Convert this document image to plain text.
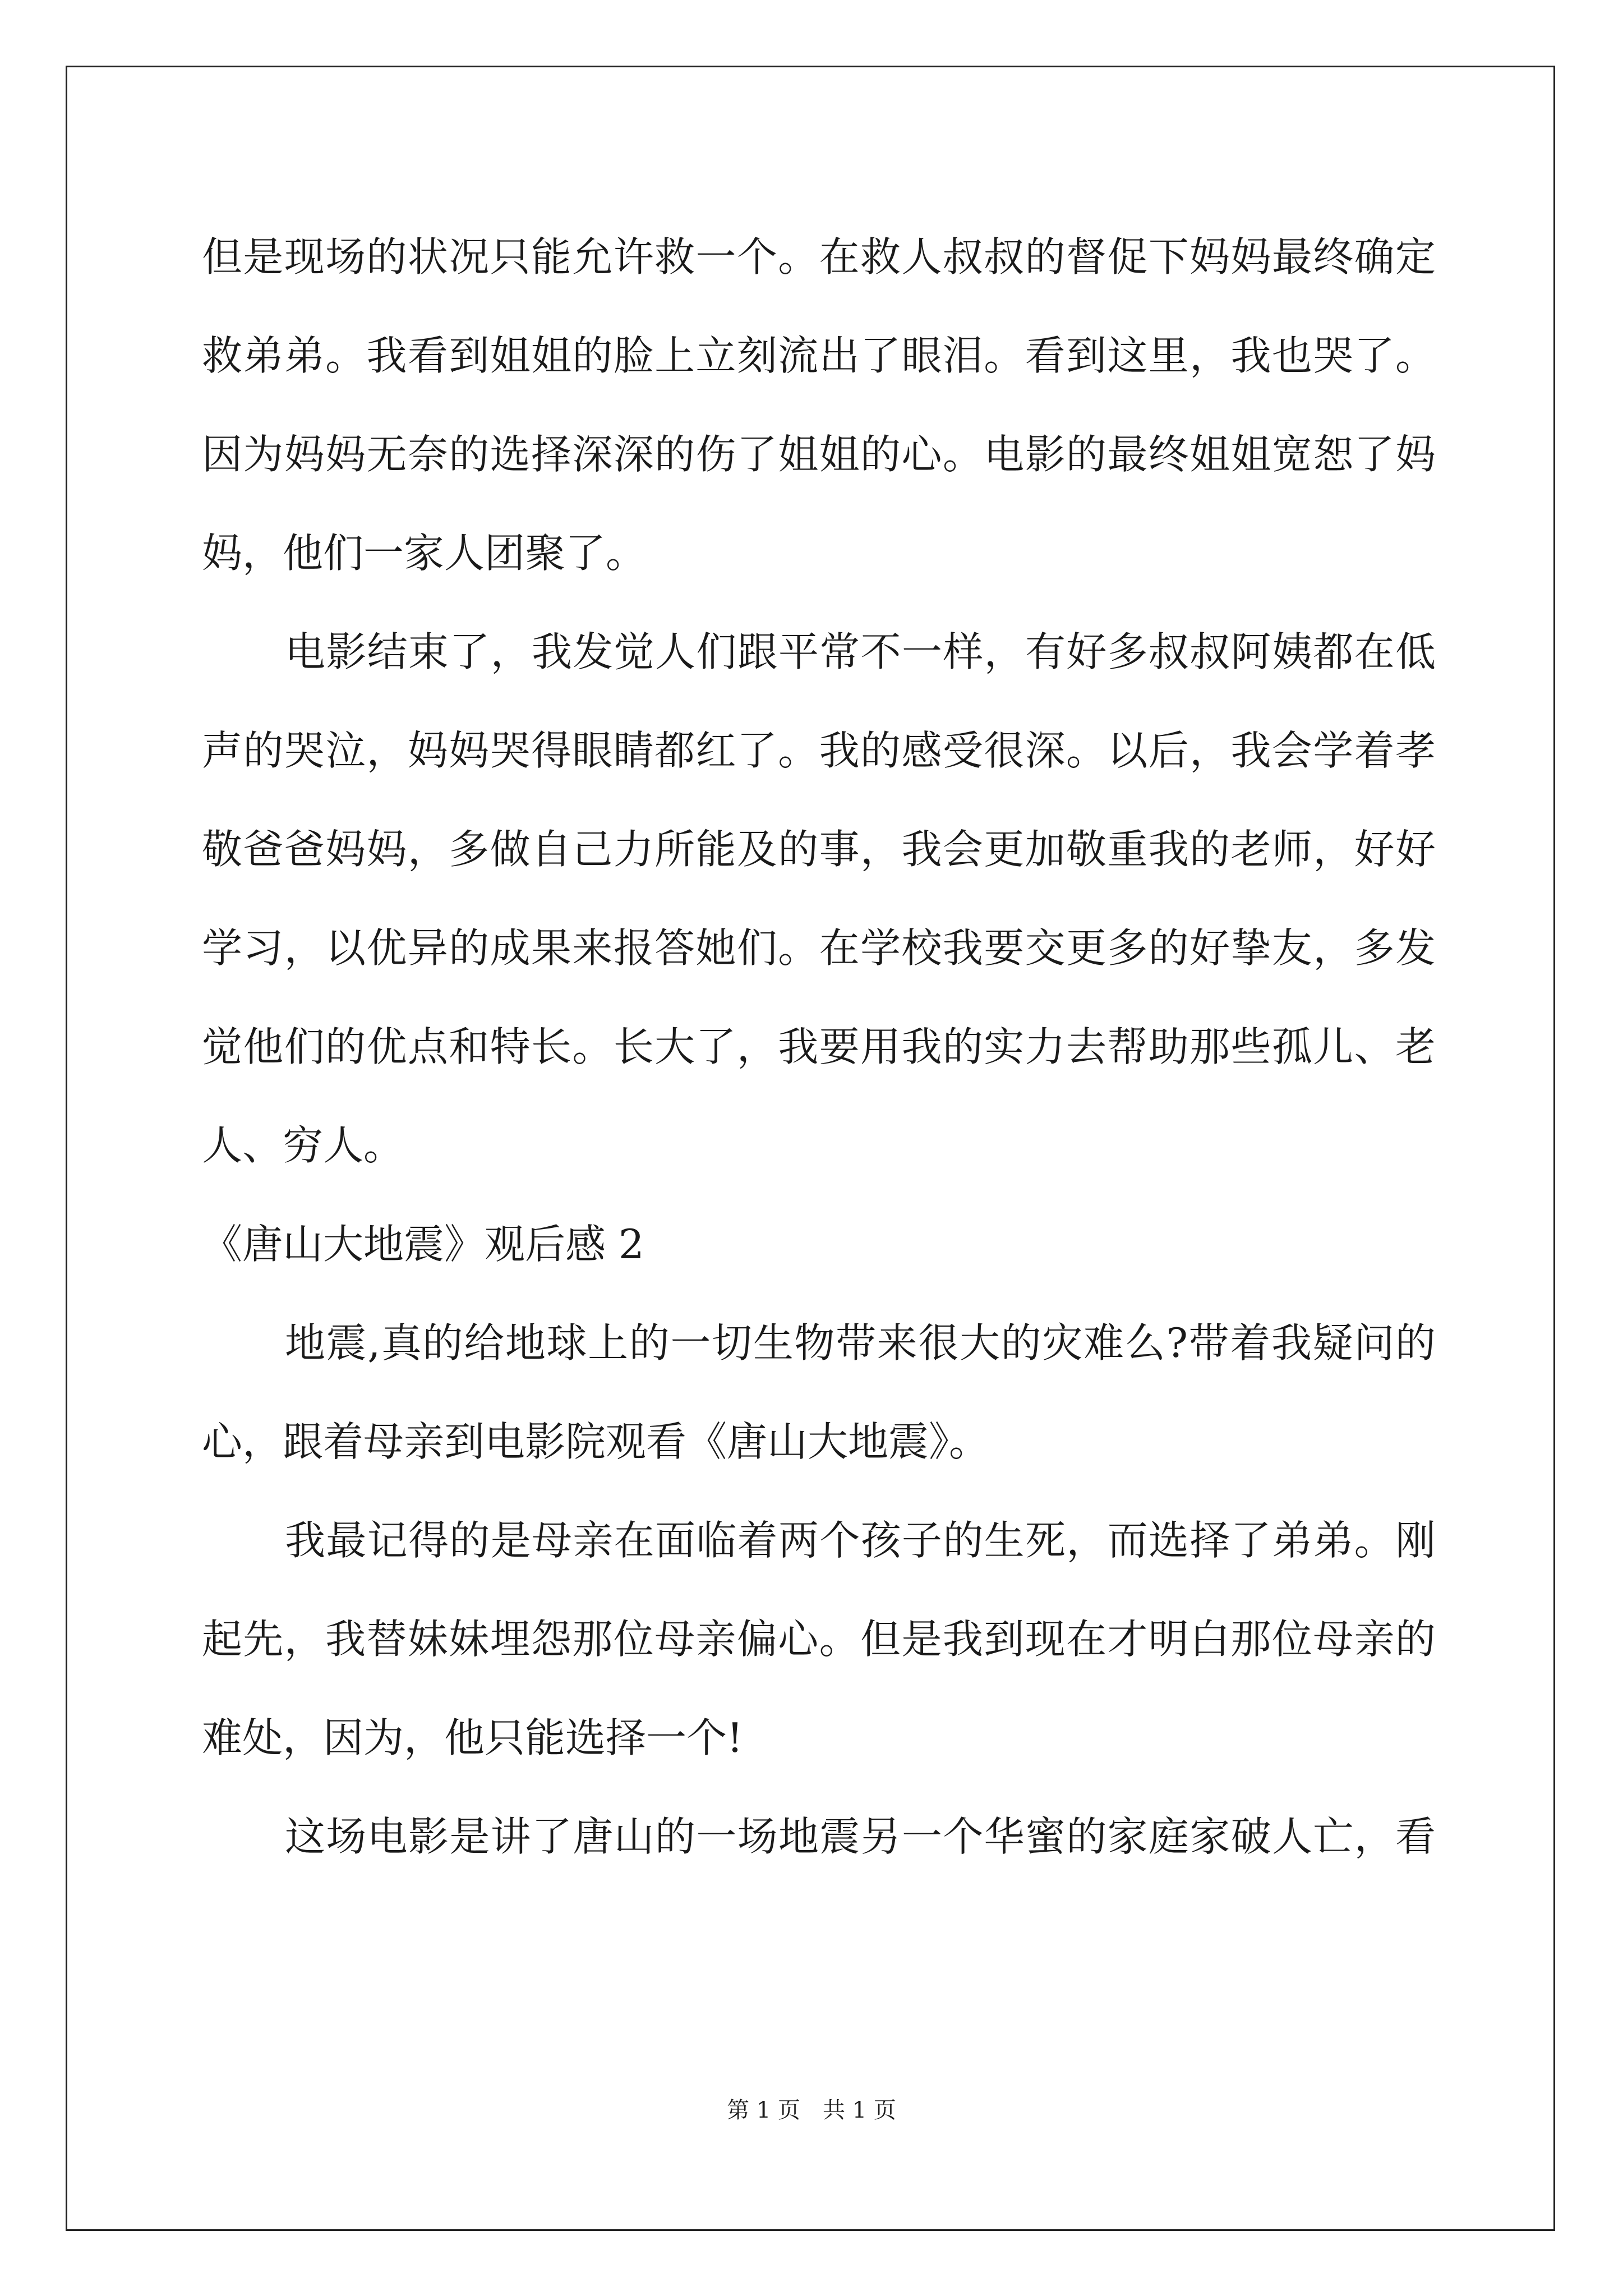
但是现场的状况只能允许救一个。在救人叔叔的督促下妈妈最终确定
救弟弟。我看到姐姐的脸上立刻流出了眼泪。看到这里，我也哭了。
因为妈妈无奈的选择深深的伤了姐姐的心。电影的最终姐姐宽恕了妈
妈，他们一家人团聚了。
电影结束了，我发觉人们跟平常不一样，有好多叔叔阿姨都在低
声的哭泣，妈妈哭得眼睛都红了。我的感受很深。以后，我会学着孝
敬爸爸妈妈，多做自己力所能及的事，我会更加敬重我的老师，好好
学习，以优异的成果来报答她们。在学校我要交更多的好挚友，多发
觉他们的优点和特长。长大了，我要用我的实力去帮助那些孤儿、老
人、穷人。
《唐山大地震》观后感 2
地震,真的给地球上的一切生物带来很大的灾难么?带着我疑问的
心，跟着母亲到电影院观看《唐山大地震》。
我最记得的是母亲在面临着两个孩子的生死，而选择了弟弟。刚
起先，我替妹妹埋怨那位母亲偏心。但是我到现在才明白那位母亲的
难处，因为，他只能选择一个!
这场电影是讲了唐山的一场地震另一个华蜜的家庭家破人亡，看
第 1 页　共 1 页
